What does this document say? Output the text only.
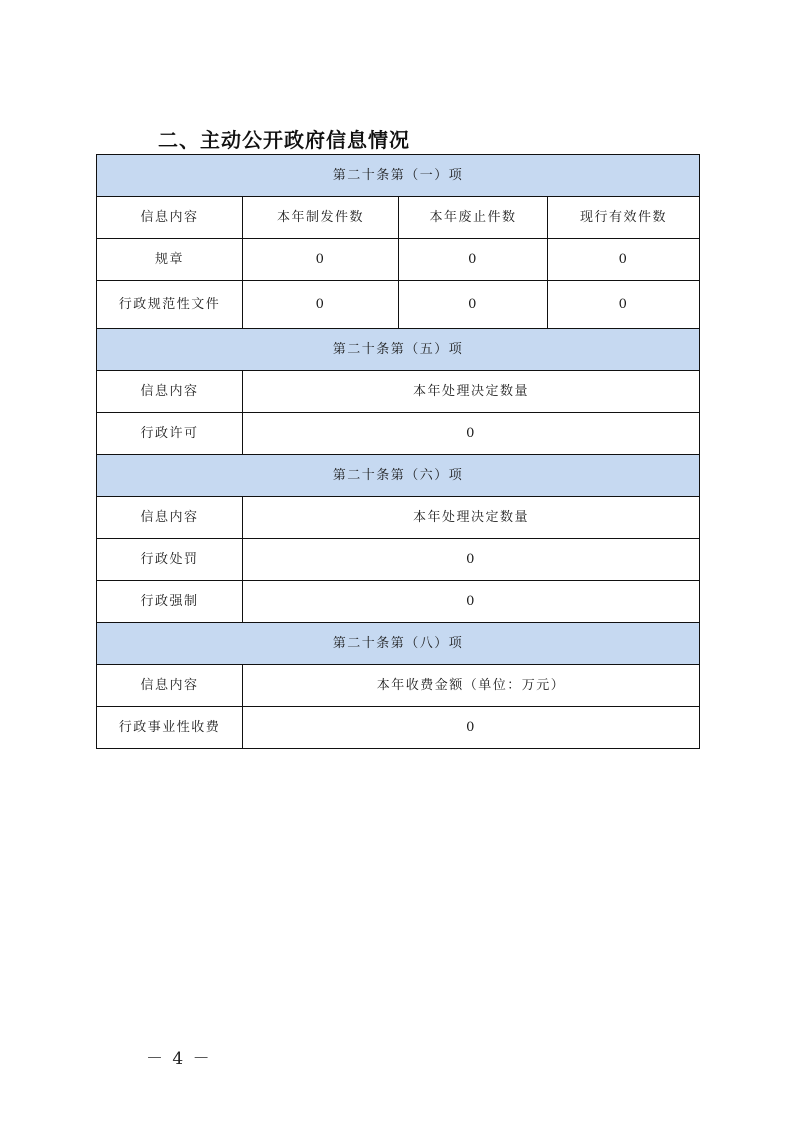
二、主动公开政府信息情况
第二十条第（一）项			
信息内容	本年制发件数	本年废止件数	现行有效件数
规章	0	0	0
行政规范性文件	0	0	0
第二十条第（五）项			
信息内容	本年处理决定数量		
行政许可	0		
第二十条第（六）项			
信息内容	本年处理决定数量		
行政处罚	0		
行政强制	0		
第二十条第（八）项			
信息内容	本年收费金额（单位：万元）		
行政事业性收费	0		
－ 4 －
